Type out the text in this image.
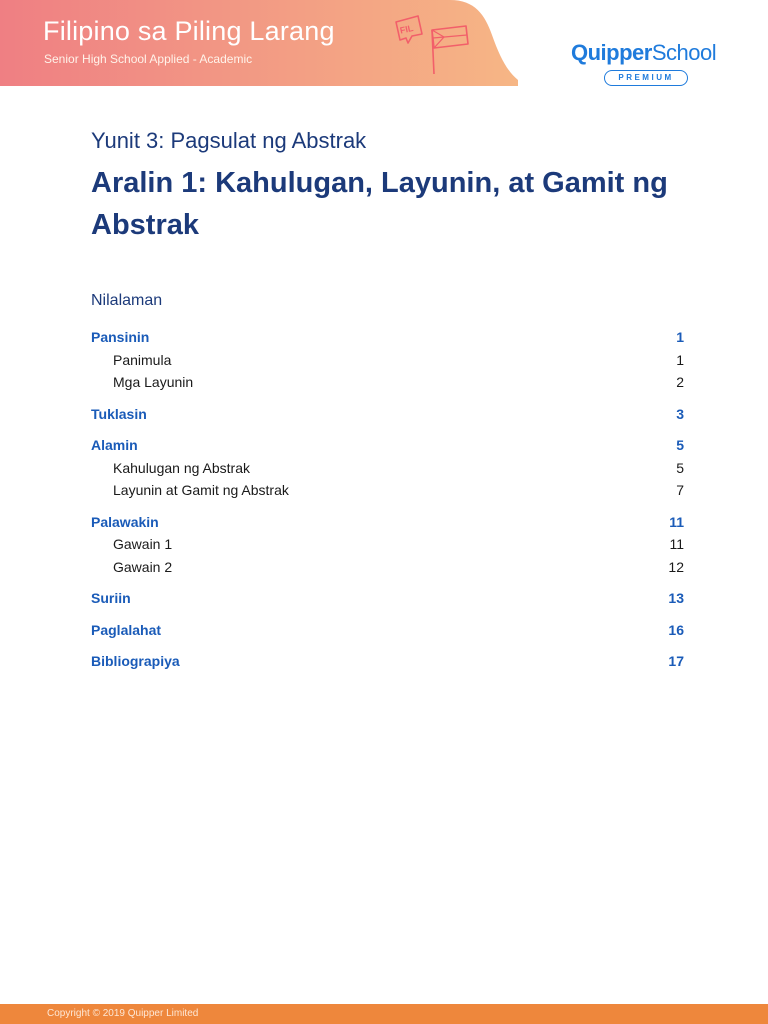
Filipino sa Piling Larang
Senior High School Applied - Academic
FIL
QuipperSchool
PREMIUM
Yunit 3: Pagsulat ng Abstrak
Aralin 1: Kahulugan, Layunin, at Gamit ng Abstrak
Nilalaman
Pansinin	1
Panimula	1
Mga Layunin	2
Tuklasin	3
Alamin	5
Kahulugan ng Abstrak	5
Layunin at Gamit ng Abstrak	7
Palawakin	11
Gawain 1	11
Gawain 2	12
Suriin	13
Paglalahat	16
Bibliograpiya	17
Copyright © 2019 Quipper Limited
